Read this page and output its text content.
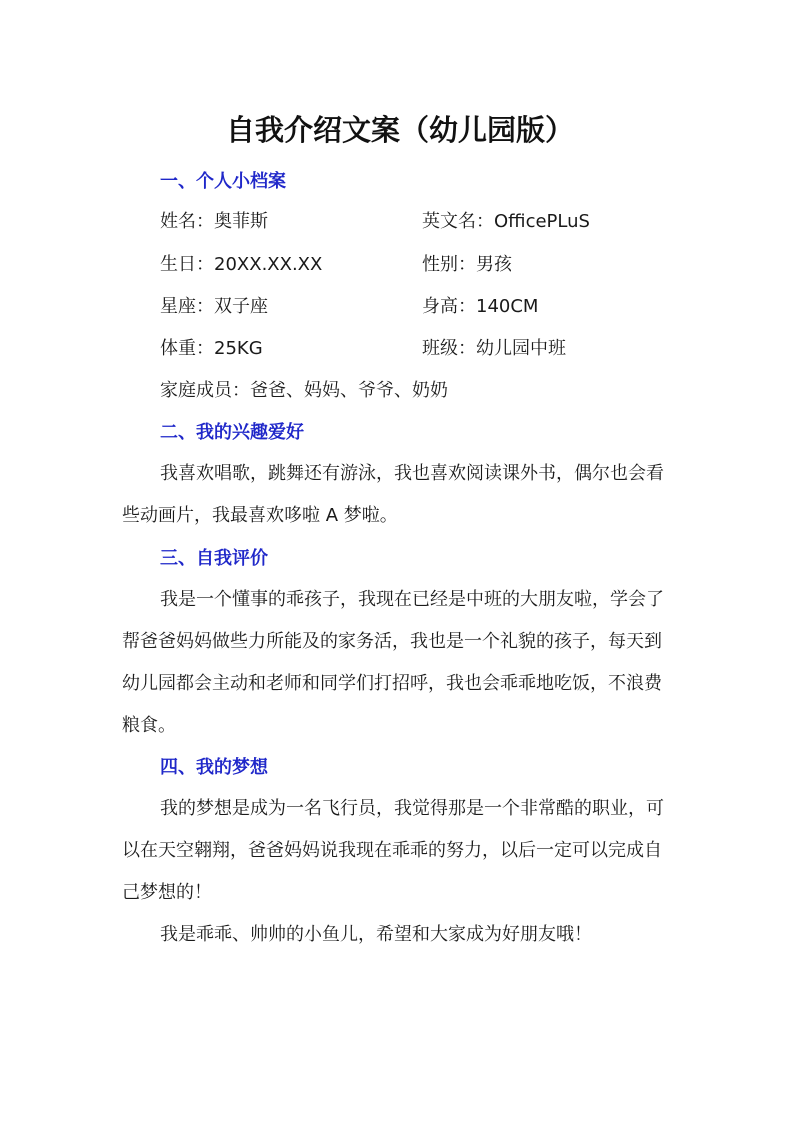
自我介绍文案（幼儿园版）
一、个人小档案

姓名：奥菲斯	英文名：OfficePLuS

生日：20XX.XX.XX	性别：男孩

星座：双子座	身高：140CM

体重：25KG	班级：幼儿园中班

家庭成员：爸爸、妈妈、爷爷、奶奶

二、我的兴趣爱好
我喜欢唱歌，跳舞还有游泳，我也喜欢阅读课外书，偶尔也会看
些动画片，我最喜欢哆啦 A 梦啦。
三、自我评价
我是一个懂事的乖孩子，我现在已经是中班的大朋友啦，学会了
帮爸爸妈妈做些力所能及的家务活，我也是一个礼貌的孩子，每天到
幼儿园都会主动和老师和同学们打招呼，我也会乖乖地吃饭，不浪费
粮食。
四、我的梦想
我的梦想是成为一名飞行员，我觉得那是一个非常酷的职业，可
以在天空翱翔，爸爸妈妈说我现在乖乖的努力，以后一定可以完成自
己梦想的！
我是乖乖、帅帅的小鱼儿，希望和大家成为好朋友哦！
